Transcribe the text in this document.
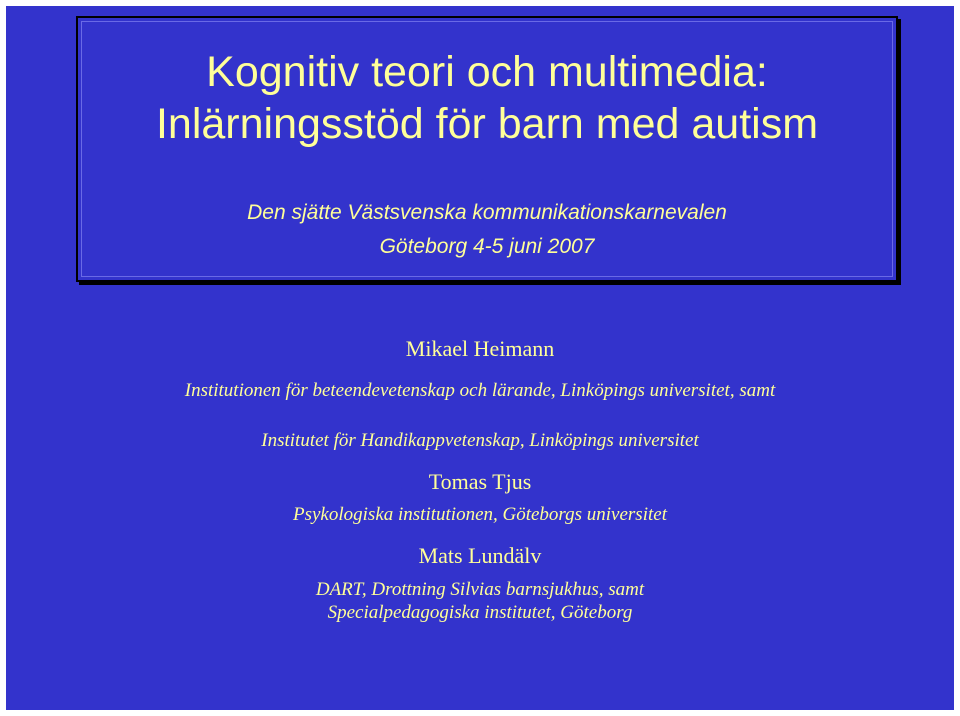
Kognitiv teori och multimedia:
Inlärningsstöd för barn med autism
Den sjätte Västsvenska kommunikationskarnevalen
Göteborg 4-5 juni 2007
Mikael Heimann
Institutionen för beteendevetenskap och lärande, Linköpings universitet, samt
Institutet för Handikappvetenskap, Linköpings universitet
Tomas Tjus
Psykologiska institutionen, Göteborgs universitet
Mats Lundälv
DART, Drottning Silvias barnsjukhus, samt
Specialpedagogiska institutet, Göteborg
